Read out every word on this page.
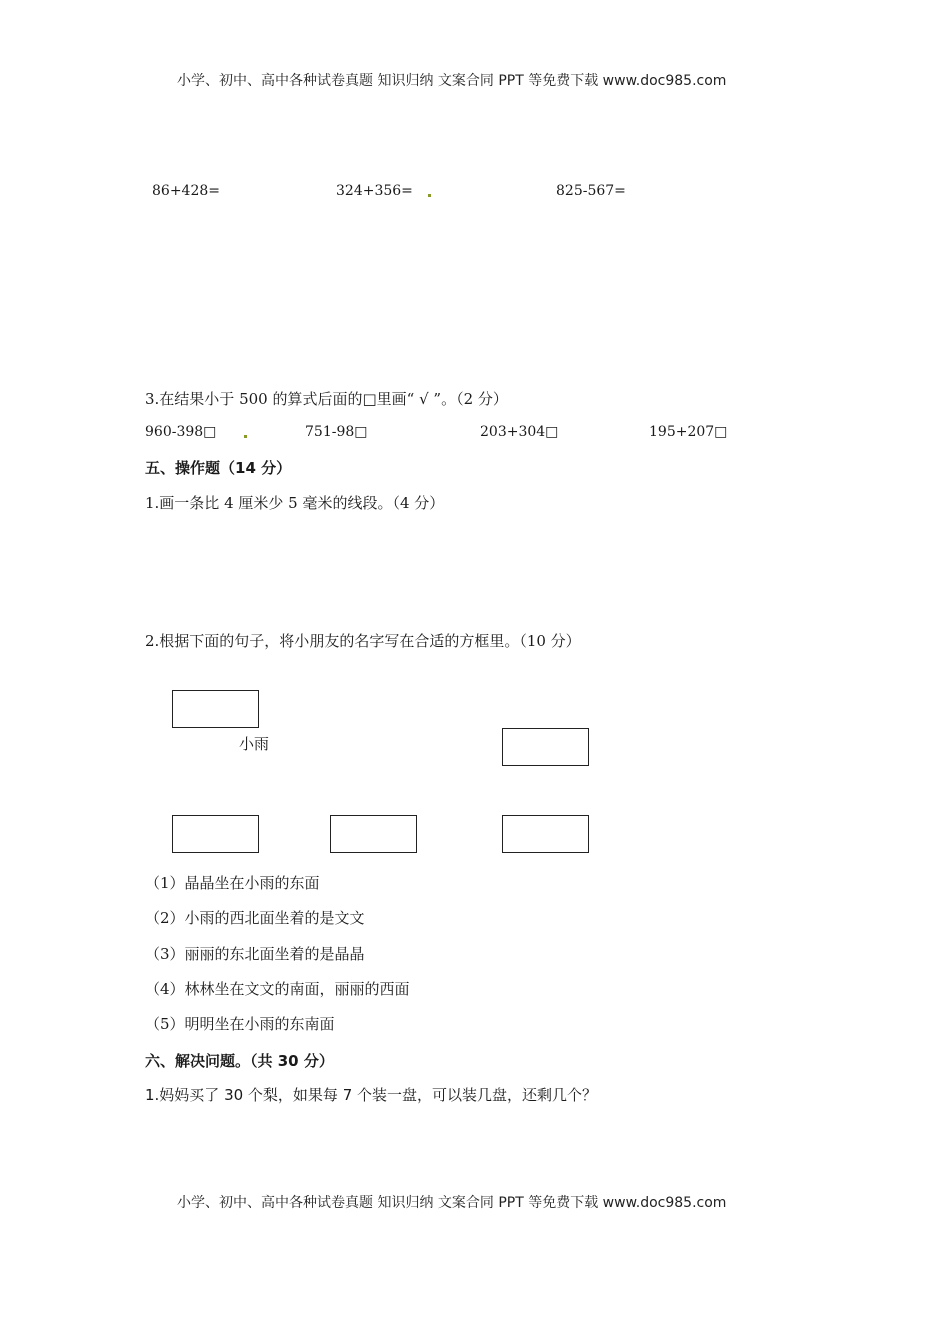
小学、初中、高中各种试卷真题 知识归纳 文案合同 PPT 等免费下载 www.doc985.com
86+428=	324+356=	825-567=
3.在结果小于 500 的算式后面的□里画“ √ ”。（2 分）
960-398□	751-98□	203+304□	195+207□
五、操作题（14 分）
1.画一条比 4 厘米少 5 毫米的线段。（4 分）
2.根据下面的句子，将小朋友的名字写在合适的方框里。（10 分）
小雨
（1）晶晶坐在小雨的东面
（2）小雨的西北面坐着的是文文
（3）丽丽的东北面坐着的是晶晶
（4）林林坐在文文的南面，丽丽的西面
（5）明明坐在小雨的东南面
六、解决问题。（共 30 分）
1.妈妈买了 30 个梨，如果每 7 个装一盘，可以装几盘，还剩几个？
小学、初中、高中各种试卷真题 知识归纳 文案合同 PPT 等免费下载 www.doc985.com
